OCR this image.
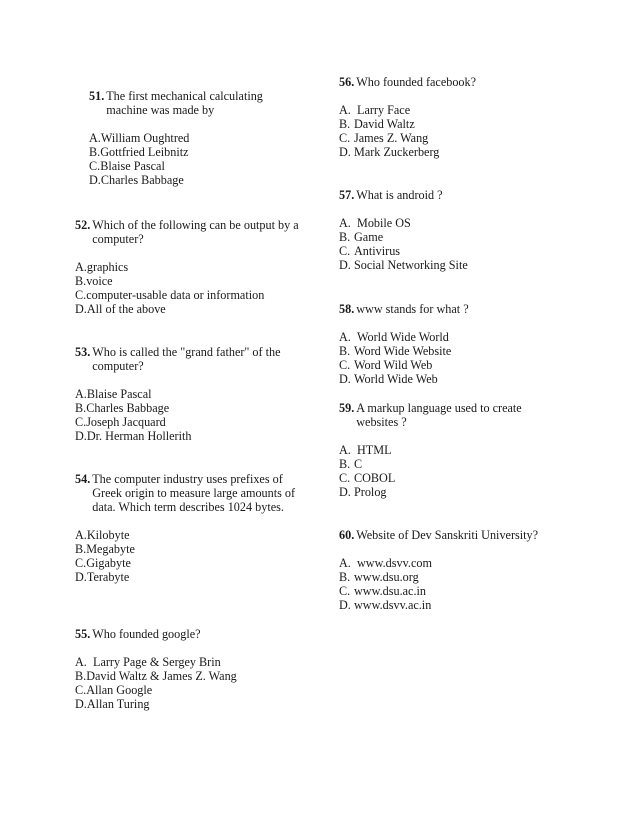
51. The first mechanical calculating machine was made by
A. William Oughtred
B. Gottfried Leibnitz
C. Blaise Pascal
D. Charles Babbage
52. Which of the following can be output by a computer?
A. graphics
B. voice
C. computer-usable data or information
D. All of the above
53. Who is called the "grand father" of the computer?
A. Blaise Pascal
B. Charles Babbage
C. Joseph Jacquard
D. Dr. Herman Hollerith
54. The computer industry uses prefixes of Greek origin to measure large amounts of data. Which term describes 1024 bytes.
A. Kilobyte
B. Megabyte
C. Gigabyte
D. Terabyte
55. Who founded google?
A. Larry Page & Sergey Brin
B. David Waltz & James Z. Wang
C. Allan Google
D. Allan Turing
56. Who founded facebook?
A. Larry Face
B. David Waltz
C. James Z. Wang
D. Mark Zuckerberg
57. What is android ?
A. Mobile OS
B. Game
C. Antivirus
D. Social Networking Site
58. www stands for what ?
A. World Wide World
B. Word Wide Website
C. Word Wild Web
D. World Wide Web
59. A markup language used to create websites ?
A. HTML
B. C
C. COBOL
D. Prolog
60. Website of Dev Sanskriti University?
A. www.dsvv.com
B. www.dsu.org
C. www.dsu.ac.in
D. www.dsvv.ac.in
